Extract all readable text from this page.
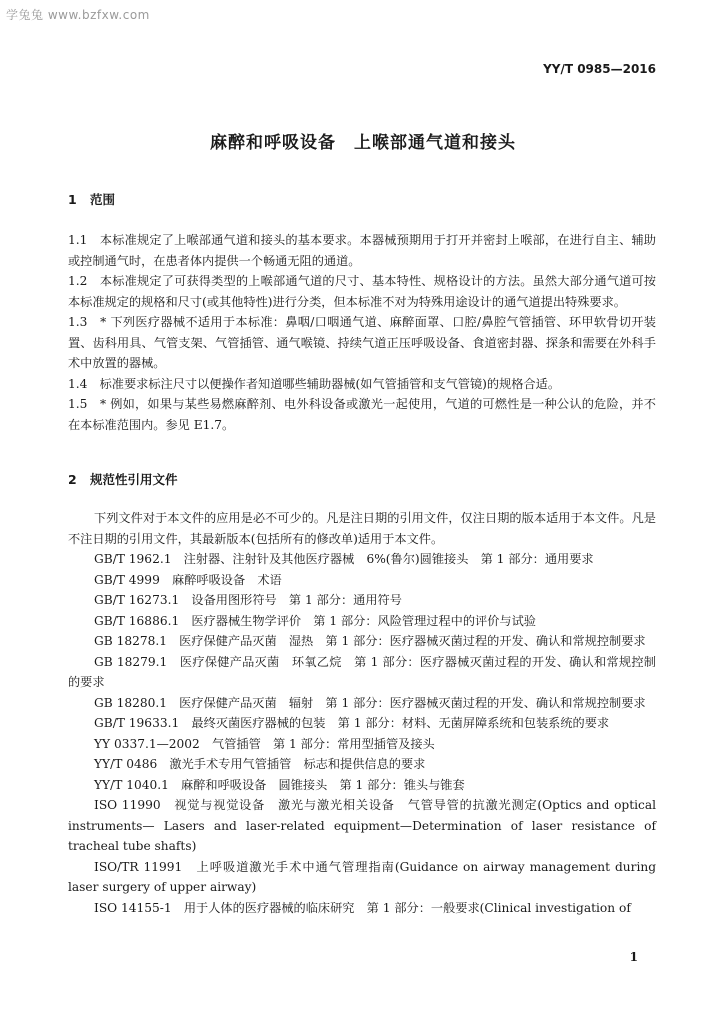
学兔兔 www.bzfxw.com
YY/T 0985—2016
麻醉和呼吸设备　上喉部通气道和接头
1 范围

1.1　本标准规定了上喉部通气道和接头的基本要求。本器械预期用于打开并密封上喉部，在进行自主、辅助或控制通气时，在患者体内提供一个畅通无阻的通道。

1.2　本标准规定了可获得类型的上喉部通气道的尺寸、基本特性、规格设计的方法。虽然大部分通气道可按本标准规定的规格和尺寸(或其他特性)进行分类，但本标准不对为特殊用途设计的通气道提出特殊要求。

1.3　* 下列医疗器械不适用于本标准：鼻咽/口咽通气道、麻醉面罩、口腔/鼻腔气管插管、环甲软骨切开装置、齿科用具、气管支架、气管插管、通气喉镜、持续气道正压呼吸设备、食道密封器、探条和需要在外科手术中放置的器械。

1.4　标准要求标注尺寸以便操作者知道哪些辅助器械(如气管插管和支气管镜)的规格合适。

1.5　* 例如，如果与某些易燃麻醉剂、电外科设备或激光一起使用，气道的可燃性是一种公认的危险，并不在本标准范围内。参见 E1.7。

2 规范性引用文件

下列文件对于本文件的应用是必不可少的。凡是注日期的引用文件，仅注日期的版本适用于本文件。凡是不注日期的引用文件，其最新版本(包括所有的修改单)适用于本文件。

GB/T 1962.1　注射器、注射针及其他医疗器械　6%(鲁尔)圆锥接头　第 1 部分：通用要求

GB/T 4999　麻醉呼吸设备　术语

GB/T 16273.1　设备用图形符号　第 1 部分：通用符号

GB/T 16886.1　医疗器械生物学评价　第 1 部分：风险管理过程中的评价与试验

GB 18278.1　医疗保健产品灭菌　湿热　第 1 部分：医疗器械灭菌过程的开发、确认和常规控制要求

GB 18279.1　医疗保健产品灭菌　环氧乙烷　第 1 部分：医疗器械灭菌过程的开发、确认和常规控制的要求

GB 18280.1　医疗保健产品灭菌　辐射　第 1 部分：医疗器械灭菌过程的开发、确认和常规控制要求

GB/T 19633.1　最终灭菌医疗器械的包装　第 1 部分：材料、无菌屏障系统和包装系统的要求

YY 0337.1—2002　气管插管　第 1 部分：常用型插管及接头

YY/T 0486　激光手术专用气管插管　标志和提供信息的要求

YY/T 1040.1　麻醉和呼吸设备　圆锥接头　第 1 部分：锥头与锥套

ISO 11990　视觉与视觉设备　激光与激光相关设备　气管导管的抗激光测定(Optics and optical instruments— Lasers and laser-related equipment—Determination of laser resistance of tracheal tube shafts)

ISO/TR 11991　上呼吸道激光手术中通气管理指南(Guidance on airway management during laser surgery of upper airway)

ISO 14155-1　用于人体的医疗器械的临床研究　第 1 部分：一般要求(Clinical investigation of

1
